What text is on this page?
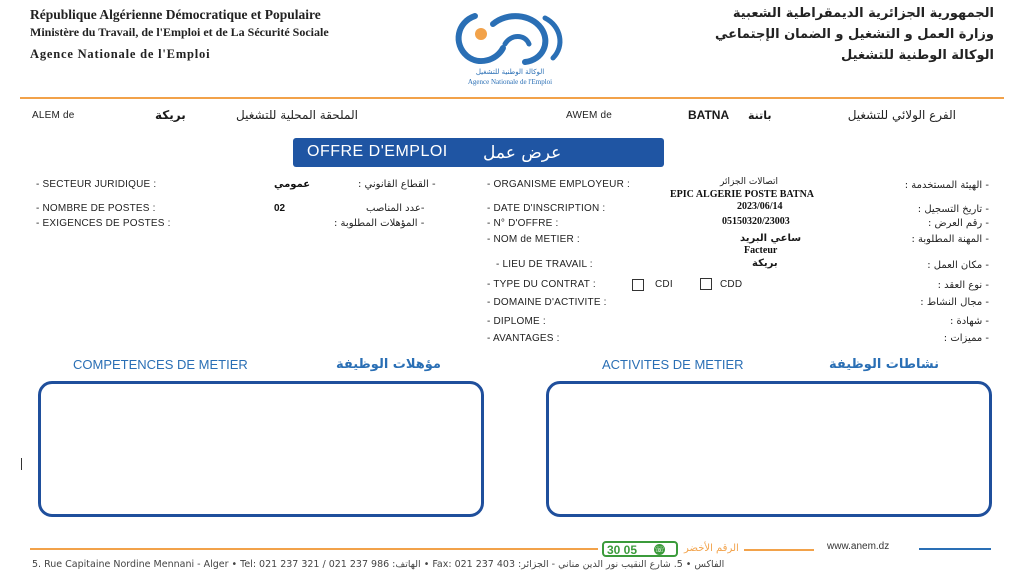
République Algérienne Démocratique et Populaire
Ministère du Travail, de l'Emploi et de La Sécurité Sociale
Agence Nationale de l'Emploi
الجمهورية الجزائرية الديمقراطية الشعبية
وزارة العمل و التشغيل و الضمان الإجتماعي
الوكالة الوطنية للتشغيل
الوكالة الوطنية للتشغيل
Agence Nationale de l'Emploi
ALEM de	بريكة	الملحقة المحلية للتشغيل	AWEM de	BATNA باتنة	الفرع الولائي للتشغيل
OFFRE D'EMPLOI عرض عمل
- SECTEUR JURIDIQUE :	عمومي	- القطاع القانوني :
- NOMBRE DE POSTES :	02	-عدد المناصب
- EXIGENCES DE POSTES :	- المؤهلات المطلوبة :
- ORGANISME EMPLOYEUR :	اتصالات الجزائر
EPIC ALGERIE POSTE BATNA
- الهيئة المستخدمة :
- DATE D'INSCRIPTION :	2023/06/14	- تاريخ التسجيل :
- N° D'OFFRE :	05150320/23003	- رقم العرض :
- NOM de METIER :	ساعي البريد
Facteur
- المهنة المطلوبة :
- LIEU DE TRAVAIL :	بريكة	- مكان العمل :
- TYPE DU CONTRAT :	CDI	CDD	- نوع العقد :
- DOMAINE D'ACTIVITE :	- مجال النشاط :
- DIPLOME :	- شهادة :
- AVANTAGES :	- مميزات :
COMPETENCES DE METIER	مؤهلات الوظيفة	ACTIVITES DE METIER	نشاطات الوظيفة
30 05 ☏ الرقم الأخضر	www.anem.dz
5. Rue Capitaine Nordine Mennani - Alger • Tel: 021 237 321 / 021 237 986 :الهاتف • Fax: 021 237 403 :الفاكس • 5. شارع النقيب نور الدين مناني - الجزائر
